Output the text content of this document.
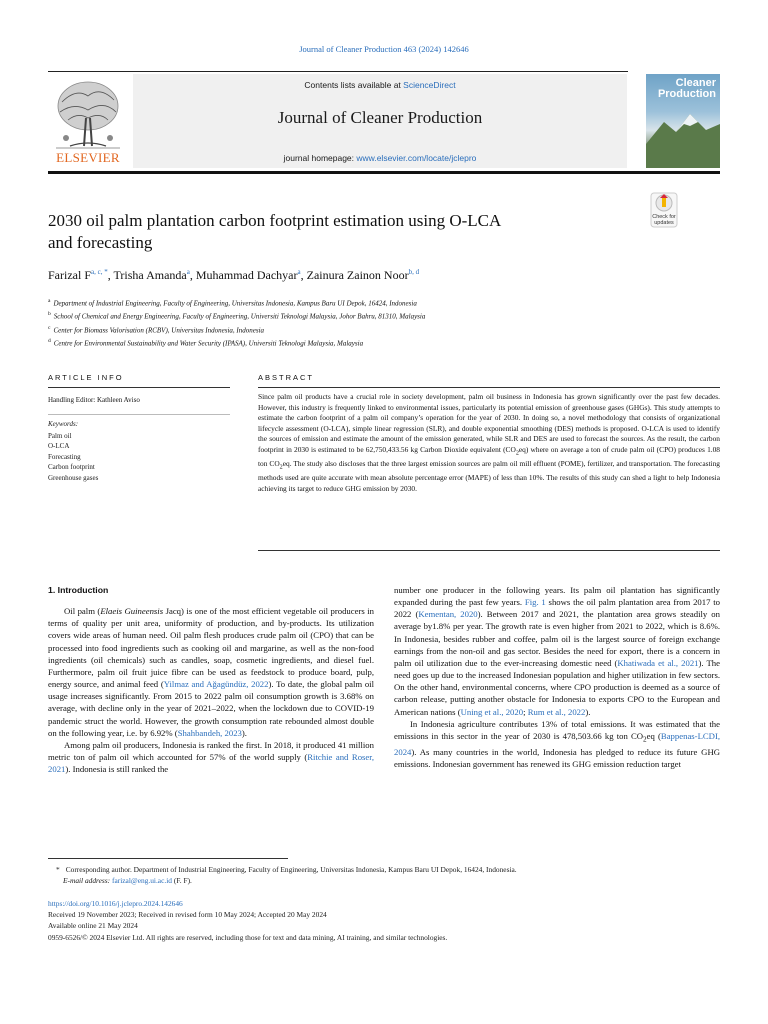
Journal of Cleaner Production 463 (2024) 142646
Contents lists available at ScienceDirect
Journal of Cleaner Production
journal homepage: www.elsevier.com/locate/jclepro
ELSEVIER
Cleaner
Production
Check for updates
2030 oil palm plantation carbon footprint estimation using O-LCA
and forecasting
Farizal $F^{a, c, *}$, Trisha Amanda$^a$, Muhammad Dachyar$^a$, Zainura Zainon Noor$^{b, d}$
$^a$ Department of Industrial Engineering, Faculty of Engineering, Universitas Indonesia, Kampus Baru UI Depok, 16424, Indonesia
$^b$ School of Chemical and Energy Engineering, Faculty of Engineering, Universiti Teknologi Malaysia, Johor Bahru, 81310, Malaysia
$^c$ Center for Biomass Valorisation (RCBV), Universitas Indonesia, Indonesia
$^d$ Centre for Environmental Sustainability and Water Security (IPASA), Universiti Teknologi Malaysia, Malaysia
ARTICLE INFO
Handling Editor: Kathleen Aviso
Keywords:
Palm oil
O-LCA
Forecasting
Carbon footprint
Greenhouse gases
ABSTRACT
Since palm oil products have a crucial role in society development, palm oil business in Indonesia has grown significantly over the past few decades. However, this industry is frequently linked to environmental issues, particularly its potential emission of greenhouse gases (GHGs). This study attempts to estimate the carbon footprint of a palm oil company’s operation for the year of 2030. In doing so, a novel methodology that consists of organizational lifecycle assessment (O-LCA), simple linear regression (SLR), and double exponential smoothing (DES) methods is proposed. O-LCA is used to identify the sources of emission and estimate the amount of the emission generated, while SLR and DES are used to forecast the sources. As the result, the carbon footprint in 2030 is estimated to be 62,750,433.56 kg Carbon Dioxide equivalent $(CO_2eq)$ where on average a ton of crude palm oil (CPO) produces 1.08 ton $CO_2eq$. The study also discloses that the three largest emission sources are palm oil mill effluent (POME), fertilizer, and transportation. The forecasting methods used are quite accurate with mean absolute percentage error (MAPE) of less than 10%. The results of this study can shed a light to help Indonesia achieving its target to reduce GHG emission by 2030.
1. Introduction

Oil palm (Elaeis Guineensis Jacq) is one of the most efficient vegetable oil producers in terms of quality per unit area, uniformity of production, and by-products. Its utilization covers wide areas of human need. Oil palm flesh produces crude palm oil (CPO) that can be processed into food ingredients such as cooking oil and margarine, as well as the non-food ingredients (oil chemicals) such as candles, soap, cosmetic ingredients, and diesel fuel. Furthermore, palm oil fruit juice fibre can be used as feedstock to produce board, pulp, energy source, and animal feed (Yilmaz and Ağagündüz, 2022). To date, the global palm oil usage increases significantly. From 2015 to 2022 palm oil consumption growth is 3.68% on average, with decline only in the year of 2021–2022, when the lockdown due to COVID-19 pandemic struct the world. However, the growth consumption rate rebounded almost double on the following year, i.e. by 6.92% (Shahbandeh, 2023).

Among palm oil producers, Indonesia is ranked the first. In 2018, it produced 41 million metric ton of palm oil which accounted for 57% of the world supply (Ritchie and Roser, 2021). Indonesia is still ranked the

number one producer in the following years. Its palm oil plantation has significantly expanded during the past few years. Fig. 1 shows the oil palm plantation area from 2017 to 2022 (Kementan, 2020). Between 2017 and 2021, the plantation area grows steadily on average by1.8% per year. The growth rate is even higher from 2021 to 2022, which is 8.6%. In Indonesia, besides rubber and coffee, palm oil is the largest source of foreign exchange earnings from the non-oil and gas sector. Besides the need for export, there is a concern in palm oil utilization due to the ever-increasing domestic need (Khatiwada et al., 2021). The need goes up due to the increased Indonesian population and higher utilization in few sectors. On the other hand, environmental concerns, where CPO production is deemed as a source of carbon release, putting another obstacle for Indonesia to exports CPO to the European and American nations (Uning et al., 2020; Rum et al., 2022).

In Indonesia agriculture contributes 13% of total emissions. It was estimated that the emissions in this sector in the year of 2030 is 478,503.66 kg ton $CO_2eq$ (Bappenas-LCDI, 2024). As many countries in the world, Indonesia has pledged to reduce its future GHG emissions. Indonesian government has renewed its GHG emission reduction target

* Corresponding author. Department of Industrial Engineering, Faculty of Engineering, Universitas Indonesia, Kampus Baru UI Depok, 16424, Indonesia.
E-mail address: farizal@eng.ui.ac.id (F. F).
https://doi.org/10.1016/j.jclepro.2024.142646
Received 19 November 2023; Received in revised form 10 May 2024; Accepted 20 May 2024
Available online 21 May 2024
0959-6526/© 2024 Elsevier Ltd. All rights are reserved, including those for text and data mining, AI training, and similar technologies.
